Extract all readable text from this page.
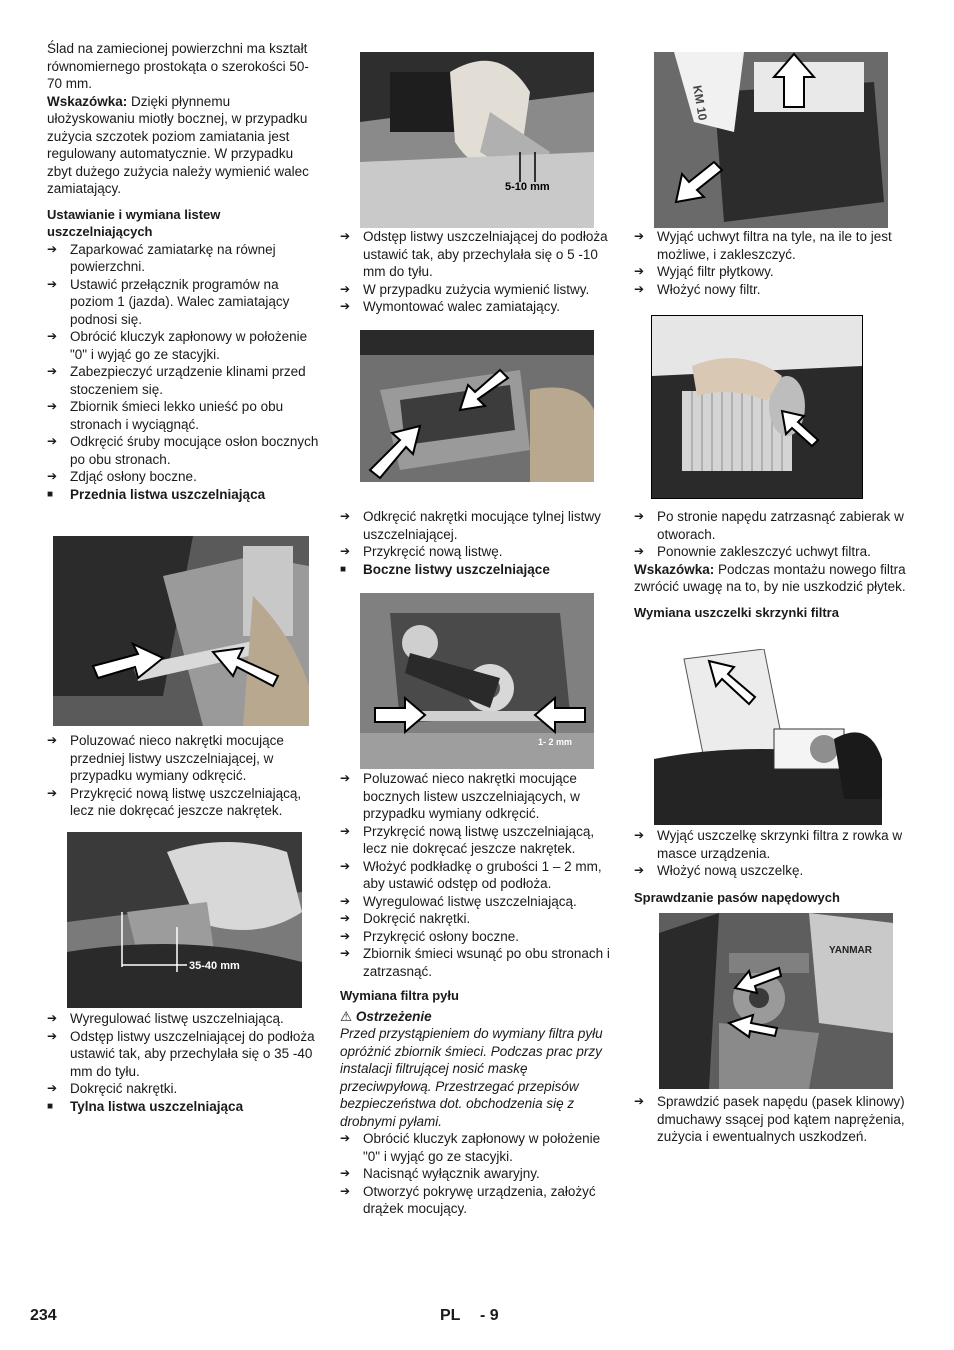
Ślad na zamiecionej powierzchni ma kształt równomiernego prostokąta o szerokości 50-70 mm.

Wskazówka: Dzięki płynnemu ułożyskowaniu miotły bocznej, w przypadku zużycia szczotek poziom zamiatania jest regulowany automatycznie. W przypadku zbyt dużego zużycia należy wymienić walec zamiatający.

Ustawianie i wymiana listew uszczelniających

➔ Zaparkować zamiatarkę na równej powierzchni.
➔ Ustawić przełącznik programów na poziom 1 (jazda). Walec zamiatający podnosi się.
➔ Obrócić kluczyk zapłonowy w położenie "0" i wyjąć go ze stacyjki.
➔ Zabezpieczyć urządzenie klinami przed stoczeniem się.
➔ Zbiornik śmieci lekko unieść po obu stronach i wyciągnąć.
➔ Odkręcić śruby mocujące osłon bocznych po obu stronach.
➔ Zdjąć osłony boczne.
■	Przednia listwa uszczelniająca
➔ Poluzować nieco nakrętki mocujące przedniej listwy uszczelniającej, w przypadku wymiany odkręcić.
➔ Przykręcić nową listwę uszczelniającą, lecz nie dokręcać jeszcze nakrętek.
35-40 mm
➔ Wyregulować listwę uszczelniającą.
➔ Odstęp listwy uszczelniającej do podłoża ustawić tak, aby przechylała się o 35 -40 mm do tyłu.
➔ Dokręcić nakrętki.
■	Tylna listwa uszczelniająca
5-10 mm
➔ Odstęp listwy uszczelniającej do podłoża ustawić tak, aby przechylała się o 5 -10 mm do tyłu.
➔ W przypadku zużycia wymienić listwy.
➔ Wymontować walec zamiatający.
➔ Odkręcić nakrętki mocujące tylnej listwy uszczelniającej.
➔ Przykręcić nową listwę.
■	Boczne listwy uszczelniające
1- 2 mm
➔ Poluzować nieco nakrętki mocujące bocznych listew uszczelniających, w przypadku wymiany odkręcić.
➔ Przykręcić nową listwę uszczelniającą, lecz nie dokręcać jeszcze nakrętek.
➔ Włożyć podkładkę o grubości 1 – 2 mm, aby ustawić odstęp od podłoża.
➔ Wyregulować listwę uszczelniającą.
➔ Dokręcić nakrętki.
➔ Przykręcić osłony boczne.
➔ Zbiornik śmieci wsunąć po obu stronach i zatrzasnąć.

Wymiana filtra pyłu

⚠ Ostrzeżenie

Przed przystąpieniem do wymiany filtra pyłu opróżnić zbiornik śmieci. Podczas prac przy instalacji filtrującej nosić maskę przeciwpyłową. Przestrzegać przepisów bezpieczeństwa dot. obchodzenia się z drobnymi pyłami.

➔ Obrócić kluczyk zapłonowy w położenie "0" i wyjąć go ze stacyjki.
➔ Nacisnąć wyłącznik awaryjny.
➔ Otworzyć pokrywę urządzenia, założyć drążek mocujący.
KM 10
➔ Wyjąć uchwyt filtra na tyle, na ile to jest możliwe, i zakleszczyć.
➔ Wyjąć filtr płytkowy.
➔ Włożyć nowy filtr.
➔ Po stronie napędu zatrzasnąć zabierak w otworach.
➔ Ponownie zakleszczyć uchwyt filtra.

Wskazówka: Podczas montażu nowego filtra zwrócić uwagę na to, by nie uszkodzić płytek.

Wymiana uszczelki skrzynki filtra

➔ Wyjąć uszczelkę skrzynki filtra z rowka w masce urządzenia.
➔ Włożyć nową uszczelkę.

Sprawdzanie pasów napędowych

YANMAR
➔ Sprawdzić pasek napędu (pasek klinowy) dmuchawy ssącej pod kątem naprężenia, zużycia i ewentualnych uszkodzeń.
234	PL - 9
